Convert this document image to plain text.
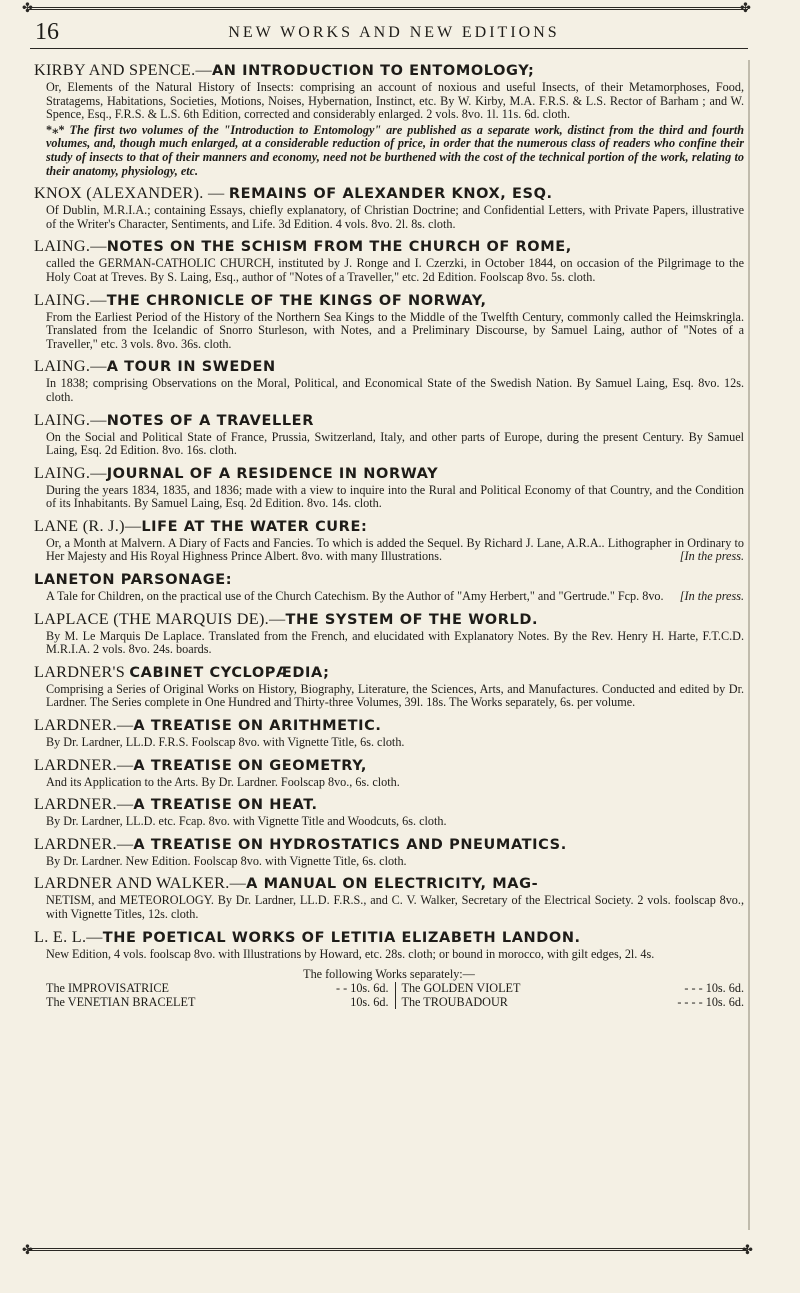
✤	✤
16	NEW WORKS AND NEW EDITIONS
KIRBY AND SPENCE.—AN INTRODUCTION TO ENTOMOLOGY;
Or, Elements of the Natural History of Insects: comprising an account of noxious and useful Insects, of their Metamorphoses, Food, Stratagems, Habitations, Societies, Motions, Noises, Hybernation, Instinct, etc. By W. Kirby, M.A. F.R.S. & L.S. Rector of Barham ; and W. Spence, Esq., F.R.S. & L.S. 6th Edition, corrected and considerably enlarged. 2 vols. 8vo. 1l. 11s. 6d. cloth.
*⁎* The first two volumes of the "Introduction to Entomology" are published as a separate work, distinct from the third and fourth volumes, and, though much enlarged, at a considerable reduction of price, in order that the numerous class of readers who confine their study of insects to that of their manners and economy, need not be burthened with the cost of the technical portion of the work, relating to their anatomy, physiology, etc.
KNOX (ALEXANDER). — REMAINS OF ALEXANDER KNOX, ESQ.
Of Dublin, M.R.I.A.; containing Essays, chiefly explanatory, of Christian Doctrine; and Confidential Letters, with Private Papers, illustrative of the Writer's Character, Sentiments, and Life. 3d Edition. 4 vols. 8vo. 2l. 8s. cloth.
LAING.—NOTES ON THE SCHISM FROM THE CHURCH OF ROME,
called the GERMAN-CATHOLIC CHURCH, instituted by J. Ronge and I. Czerzki, in October 1844, on occasion of the Pilgrimage to the Holy Coat at Treves. By S. Laing, Esq., author of "Notes of a Traveller," etc. 2d Edition. Foolscap 8vo. 5s. cloth.
LAING.—THE CHRONICLE OF THE KINGS OF NORWAY,
From the Earliest Period of the History of the Northern Sea Kings to the Middle of the Twelfth Century, commonly called the Heimskringla. Translated from the Icelandic of Snorro Sturleson, with Notes, and a Preliminary Discourse, by Samuel Laing, author of "Notes of a Traveller," etc. 3 vols. 8vo. 36s. cloth.
LAING.—A TOUR IN SWEDEN
In 1838; comprising Observations on the Moral, Political, and Economical State of the Swedish Nation. By Samuel Laing, Esq. 8vo. 12s. cloth.
LAING.—NOTES OF A TRAVELLER
On the Social and Political State of France, Prussia, Switzerland, Italy, and other parts of Europe, during the present Century. By Samuel Laing, Esq. 2d Edition. 8vo. 16s. cloth.
LAING.—JOURNAL OF A RESIDENCE IN NORWAY
During the years 1834, 1835, and 1836; made with a view to inquire into the Rural and Political Economy of that Country, and the Condition of its Inhabitants. By Samuel Laing, Esq. 2d Edition. 8vo. 14s. cloth.
LANE (R. J.)—LIFE AT THE WATER CURE:
Or, a Month at Malvern. A Diary of Facts and Fancies. To which is added the Sequel. By Richard J. Lane, A.R.A.. Lithographer in Ordinary to Her Majesty and His Royal Highness Prince Albert. 8vo. with many Illustrations.	[In the press.
LANETON PARSONAGE:
A Tale for Children, on the practical use of the Church Catechism. By the Author of "Amy Herbert," and "Gertrude." Fcp. 8vo. [In the press.
LAPLACE (THE MARQUIS DE).—THE SYSTEM OF THE WORLD.
By M. Le Marquis De Laplace. Translated from the French, and elucidated with Explanatory Notes. By the Rev. Henry H. Harte, F.T.C.D. M.R.I.A. 2 vols. 8vo. 24s. boards.
LARDNER'S CABINET CYCLOPÆDIA;
Comprising a Series of Original Works on History, Biography, Literature, the Sciences, Arts, and Manufactures. Conducted and edited by Dr. Lardner. The Series complete in One Hundred and Thirty-three Volumes, 39l. 18s. The Works separately, 6s. per volume.
LARDNER.—A TREATISE ON ARITHMETIC.
By Dr. Lardner, LL.D. F.R.S. Foolscap 8vo. with Vignette Title, 6s. cloth.
LARDNER.—A TREATISE ON GEOMETRY,
And its Application to the Arts. By Dr. Lardner. Foolscap 8vo., 6s. cloth.
LARDNER.—A TREATISE ON HEAT.
By Dr. Lardner, LL.D. etc. Fcap. 8vo. with Vignette Title and Woodcuts, 6s. cloth.
LARDNER.—A TREATISE ON HYDROSTATICS AND PNEUMATICS.
By Dr. Lardner. New Edition. Foolscap 8vo. with Vignette Title, 6s. cloth.
LARDNER AND WALKER.—A MANUAL ON ELECTRICITY, MAG-
NETISM, and METEOROLOGY. By Dr. Lardner, LL.D. F.R.S., and C. V. Walker, Secretary of the Electrical Society. 2 vols. foolscap 8vo., with Vignette Titles, 12s. cloth.
L. E. L.—THE POETICAL WORKS OF LETITIA ELIZABETH LANDON.
New Edition, 4 vols. foolscap 8vo. with Illustrations by Howard, etc. 28s. cloth; or bound in morocco, with gilt edges, 2l. 4s.
The following Works separately:—
The IMPROVISATRICE	- - 10s. 6d.
The VENETIAN BRACELET	10s. 6d.
The GOLDEN VIOLET	- - - 10s. 6d.
The TROUBADOUR	- - - - 10s. 6d.
✤	✤
